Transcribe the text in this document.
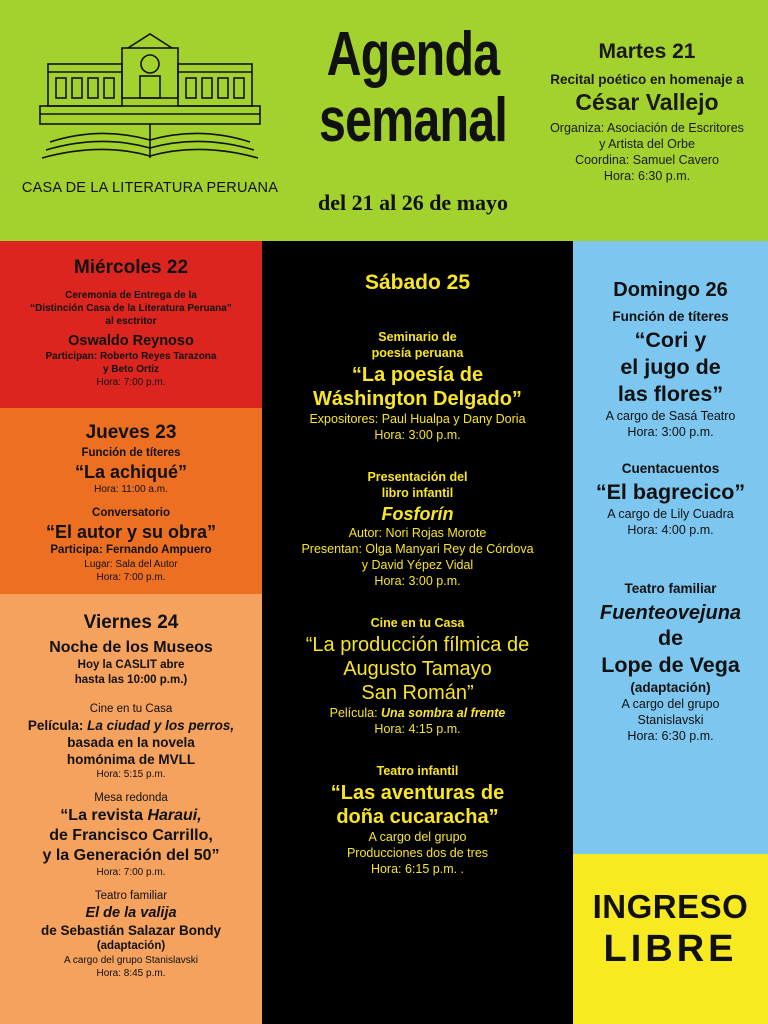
CASA DE LA LITERATURA PERUANA
Agenda
semanal
del 21 al 26 de mayo
Martes 21
Recital poético en homenaje a
César Vallejo
Organiza: Asociación de Escritores
y Artista del Orbe
Coordina: Samuel Cavero
Hora: 6:30 p.m.
Miércoles 22
Ceremonia de Entrega de la
“Distinción Casa de la Literatura Peruana”
al esctritor
Oswaldo Reynoso
Participan: Roberto Reyes Tarazona
y Beto Ortiz
Hora: 7:00 p.m.
Jueves 23
Función de títeres
“La achiqué”
Hora: 11:00 a.m.
Conversatorio
“El autor y su obra”
Participa: Fernando Ampuero
Lugar: Sala del Autor
Hora: 7:00 p.m.
Viernes 24
Noche de los Museos
Hoy la CASLIT abre
hasta las 10:00 p.m.)
Cine en tu Casa
Película: La ciudad y los perros,
basada en la novela
homónima de MVLL
Hora: 5:15 p.m.
Mesa redonda
“La revista Haraui,
de Francisco Carrillo,
y la Generación del 50”
Hora: 7:00 p.m.
Teatro familiar
El de la valija
de Sebastián Salazar Bondy
(adaptación)
A cargo del grupo Stanislavski
Hora: 8:45 p.m.
Sábado 25
Seminario de
poesía peruana
“La poesía de
Wáshington Delgado”
Expositores: Paul Hualpa y Dany Doria
Hora: 3:00 p.m.
Presentación del
libro infantil
Fosforín
Autor: Nori Rojas Morote
Presentan: Olga Manyari Rey de Córdova
y David Yépez Vidal
Hora: 3:00 p.m.
Cine en tu Casa
“La producción fílmica de
Augusto Tamayo
San Román”
Película: Una sombra al frente
Hora: 4:15 p.m.
Teatro infantil
“Las aventuras de
doña cucaracha”
A cargo del grupo
Producciones dos de tres
Hora: 6:15 p.m. .
Domingo 26
Función de títeres
“Cori y
el jugo de
las flores”
A cargo de Sasá Teatro
Hora: 3:00 p.m.
Cuentacuentos
“El bagrecico”
A cargo de Lily Cuadra
Hora: 4:00 p.m.
Teatro familiar
Fuenteovejuna
de
Lope de Vega
(adaptación)
A cargo del grupo
Stanislavski
Hora: 6:30 p.m.
INGRESO
LIBRE
